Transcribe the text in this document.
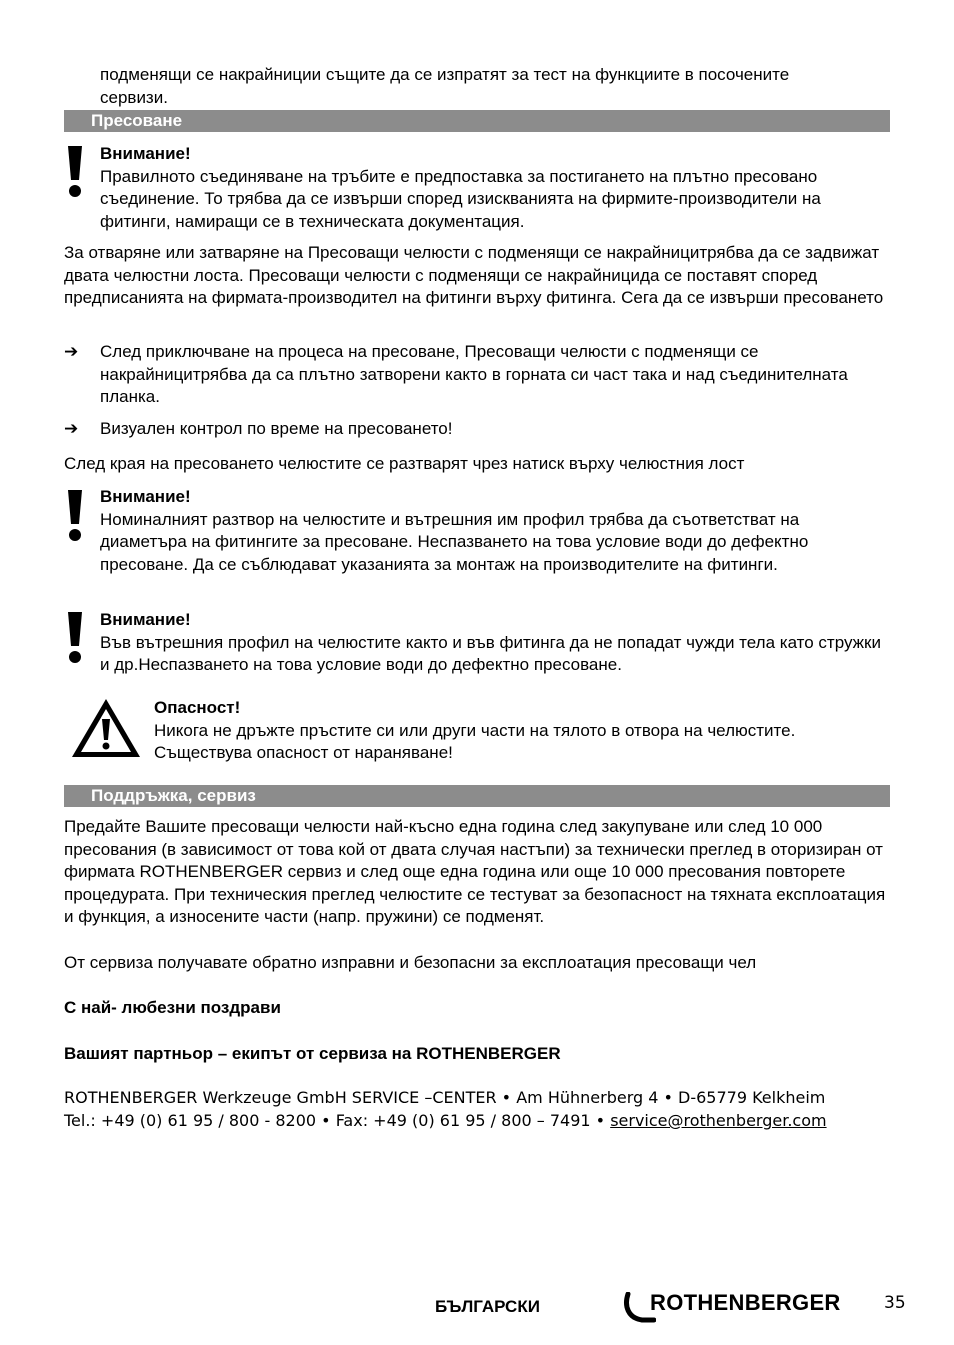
подменящи се накрайниции същите да се изпратят за тест на функциите в посочените
сервизи.

Пресоване
Внимание!
Правилното съединяване на тръбите е предпоставка за постигането на плътно пресовано съединение. То трябва да се извърши според изискванията на фирмите-производители на фитинги, намиращи се в техническата документация.

За отваряне или затваряне на Пресоващи челюсти с подменящи се накрайницитрябва да се задвижат двата челюстни лоста. Пресоващи челюсти с подменящи се накрайницида се поставят според предписанията на фирмата-производител на фитинги върху фитинга. Сега да се извърши пресоването

➔ След приключване на процеса на пресоване, Пресоващи челюсти с подменящи се накрайницитрябва да са плътно затворени както в горната си част така и над съединителната планка.
➔ Визуален контрол по време на пресоването!

След края на пресоването челюстите се разтварят чрез натиск върху челюстния лост

Внимание!
Номиналният разтвор на челюстите и вътрешния им профил трябва да съответстват на диаметъра на фитингите за пресоване. Неспазването на това условие води до дефектно пресоване. Да се съблюдават указанията за монтаж на производителите на фитинги.
Внимание!
Във вътрешния профил на челюстите както и във фитинга да не попадат чужди тела като стружки и др.Неспазването на това условие води до дефектно пресоване.
Опасност!
Никога не дръжте пръстите си или други части на тялото в отвора на челюстите. Съществува опасност от нараняване!
Поддръжка, сервиз

Предайте Вашите пресоващи челюсти най-късно една година след закупуване или след 10 000 пресования (в зависимост от това кой от двата случая настъпи) за технически преглед в оторизиран от фирмата ROTHENBERGER сервиз и след още една година или още 10 000 пресования повторете процедурата. При техническия преглед челюстите се тестуват за безопасност на тяхната експлоатация и функция, а износените части (напр. пружини) се подменят.

От сервиза получавате обратно изправни и безопасни за експлоатация пресоващи чел

С най- любезни поздрави
Вашият партньор – екипът от сервиза на ROTHENBERGER
ROTHENBERGER Werkzeuge GmbH SERVICE –CENTER • Am Hühnerberg 4 • D-65779 Kelkheim
Tel.: +49 (0) 61 95 / 800 - 8200 • Fax: +49 (0) 61 95 / 800 – 7491 • service@rothenberger.com
БЪЛГАРСКИ	ROTHENBERGER	35
